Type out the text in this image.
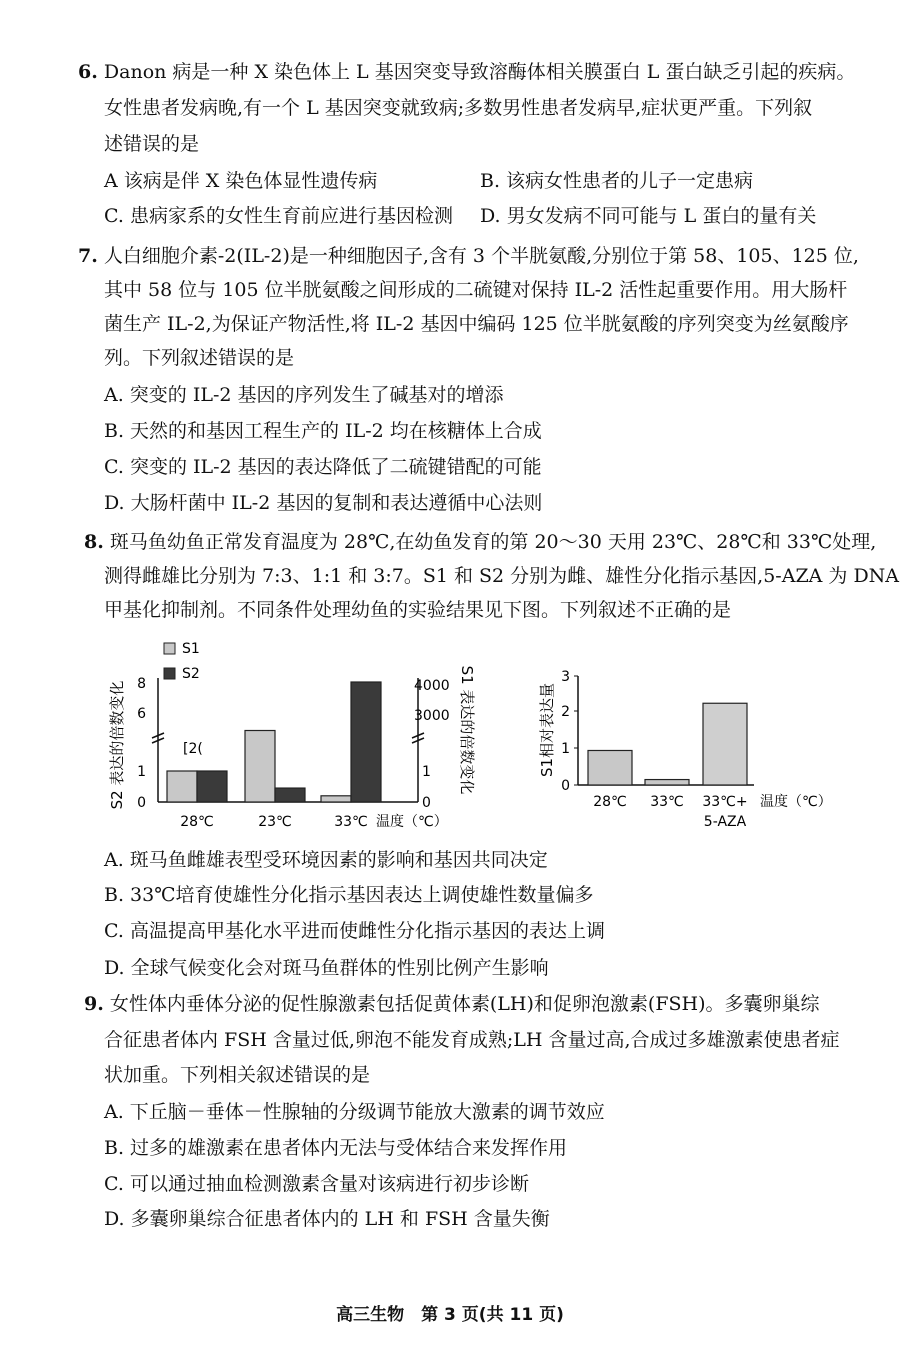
6. Danon 病是一种 X 染色体上 L 基因突变导致溶酶体相关膜蛋白 L 蛋白缺乏引起的疾病。
女性患者发病晚,有一个 L 基因突变就致病;多数男性患者发病早,症状更严重。下列叙
述错误的是
A 该病是伴 X 染色体显性遗传病	B. 该病女性患者的儿子一定患病
C. 患病家系的女性生育前应进行基因检测 D. 男女发病不同可能与 L 蛋白的量有关
7. 人白细胞介素-2(IL-2)是一种细胞因子,含有 3 个半胱氨酸,分别位于第 58、105、125 位,
其中 58 位与 105 位半胱氨酸之间形成的二硫键对保持 IL-2 活性起重要作用。用大肠杆
菌生产 IL-2,为保证产物活性,将 IL-2 基因中编码 125 位半胱氨酸的序列突变为丝氨酸序
列。下列叙述错误的是
A. 突变的 IL-2 基因的序列发生了碱基对的增添
B. 天然的和基因工程生产的 IL-2 均在核糖体上合成
C. 突变的 IL-2 基因的表达降低了二硫键错配的可能
D. 大肠杆菌中 IL-2 基因的复制和表达遵循中心法则
8. 斑马鱼幼鱼正常发育温度为 28℃,在幼鱼发育的第 20～30 天用 23℃、28℃和 33℃处理,
测得雌雄比分别为 7:3、1:1 和 3:7。S1 和 S2 分别为雌、雄性分化指示基因,5-AZA 为 DNA
甲基化抑制剂。不同条件处理幼鱼的实验结果见下图。下列叙述不正确的是
S1
S2
S2 表达的倍数变化	S1 表达的倍数变化
0
1
6
8
0
1
3000
4000
[2(
28℃	23℃	33℃ 温度（℃）
S1相对表达量
0
1
2
3
28℃ 33℃ 33℃+
5-AZA
温度（℃）
A. 斑马鱼雌雄表型受环境因素的影响和基因共同决定
B. 33℃培育使雄性分化指示基因表达上调使雄性数量偏多
C. 高温提高甲基化水平进而使雌性分化指示基因的表达上调
D. 全球气候变化会对斑马鱼群体的性别比例产生影响
9. 女性体内垂体分泌的促性腺激素包括促黄体素(LH)和促卵泡激素(FSH)。多囊卵巢综
合征患者体内 FSH 含量过低,卵泡不能发育成熟;LH 含量过高,合成过多雄激素使患者症
状加重。下列相关叙述错误的是
A. 下丘脑－垂体－性腺轴的分级调节能放大激素的调节效应
B. 过多的雄激素在患者体内无法与受体结合来发挥作用
C. 可以通过抽血检测激素含量对该病进行初步诊断
D. 多囊卵巢综合征患者体内的 LH 和 FSH 含量失衡
高三生物　第 3 页(共 11 页)
